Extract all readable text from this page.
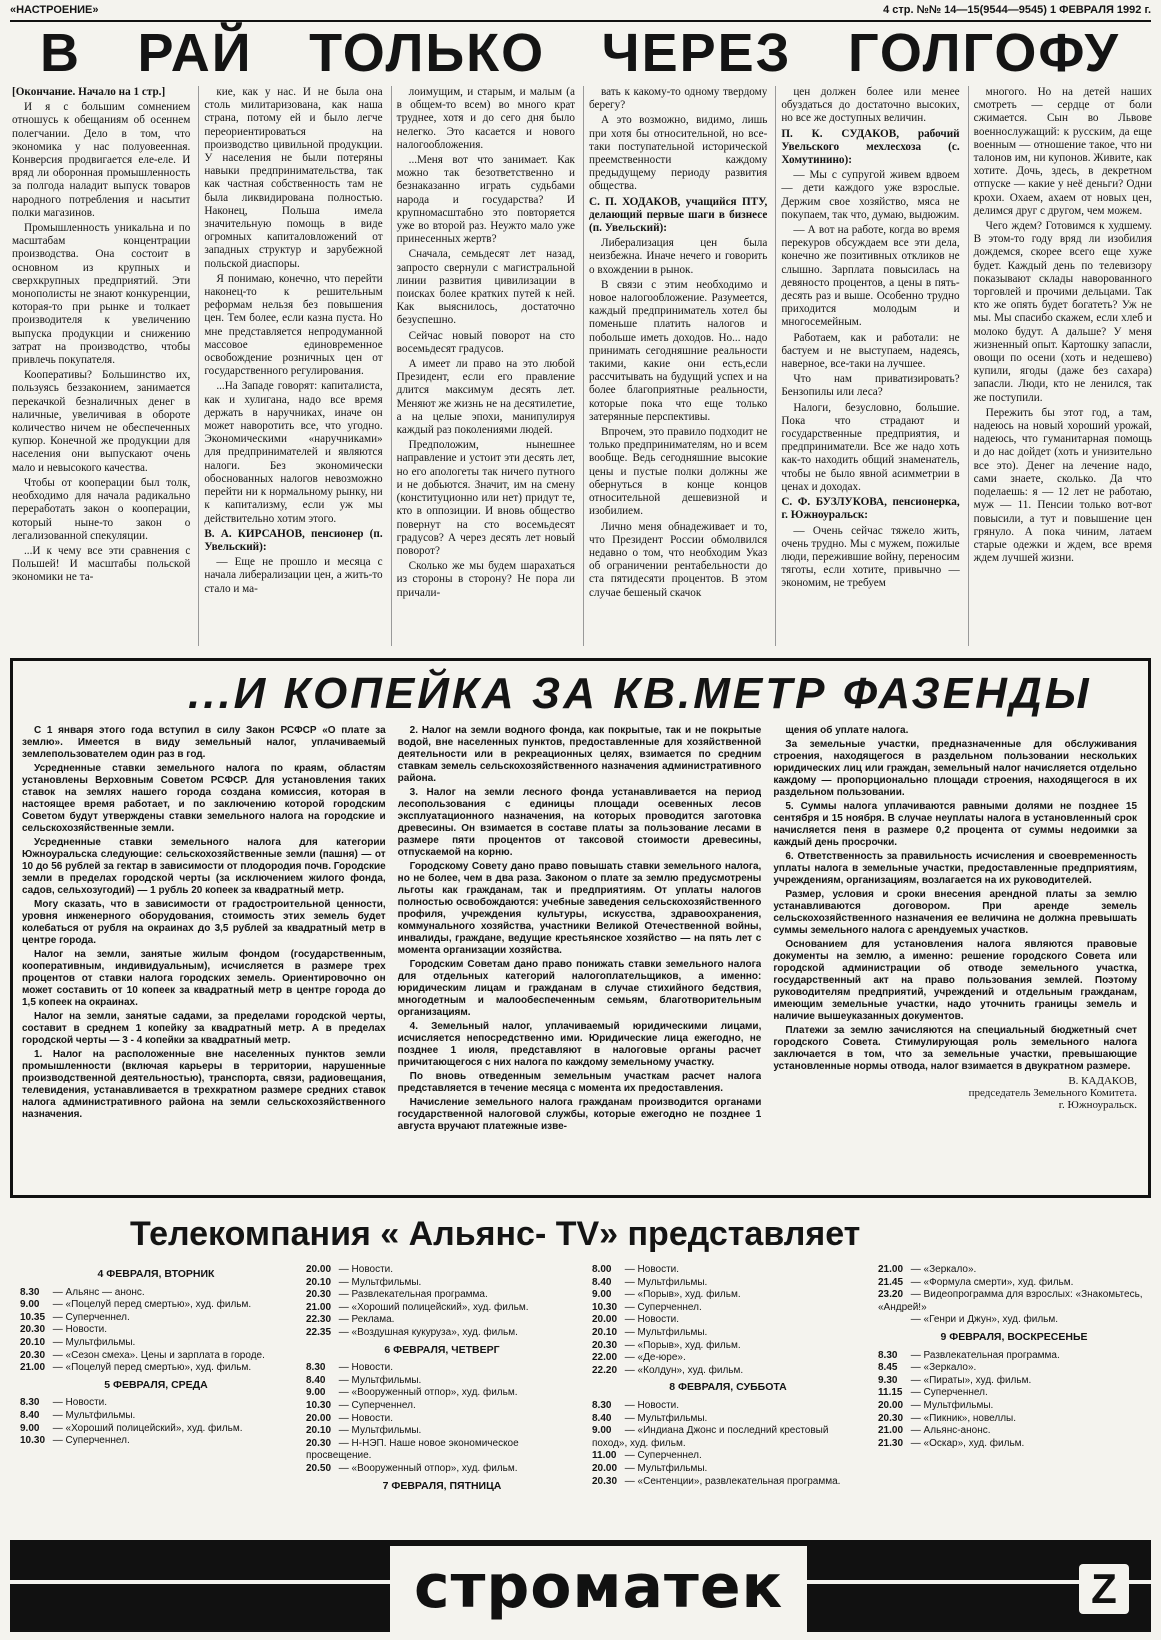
«НАСТРОЕНИЕ»	4 стр. №№ 14—15(9544—9545) 1 ФЕВРАЛЯ 1992 г.
В РАЙ ТОЛЬКО ЧЕРЕЗ ГОЛГОФУ

[Окончание. Начало на 1 стр.]

И я с большим сомнением отношусь к обещаниям об осеннем полегчании. Дело в том, что экономика у нас полуовеенная. Конверсия продвигается еле-еле. И вряд ли оборонная промышленность за полгода наладит выпуск товаров народного потребления и насытит полки магазинов.

Промышленность уникальна и по масштабам концентрации производства. Она состоит в основном из крупных и сверхкрупных предприятий. Эти монополисты не знают конкуренции, которая-то при рынке и толкает производителя к увеличению выпуска продукции и снижению затрат на производство, чтобы привлечь покупателя.

Кооперативы? Большинство их, пользуясь беззаконием, занимается перекачкой безналичных денег в наличные, увеличивая в обороте количество ничем не обеспеченных купюр. Конечной же продукции для населения они выпускают очень мало и невысокого качества.

Чтобы от кооперации был толк, необходимо для начала радикально переработать закон о кооперации, который ныне-то закон о легализованной спекуляции.

...И к чему все эти сравнения с Польшей! И масштабы польской экономики не та-

кие, как у нас. И не была она столь милитаризована, как наша страна, потому ей и было легче переориентироваться на производство цивильной продукции. У населения не были потеряны навыки предпринимательства, так как частная собственность там не была ликвидирована полностью. Наконец, Польша имела значительную помощь в виде огромных капиталовложений от западных структур и зарубежной польской диаспоры.

Я понимаю, конечно, что перейти наконец-то к решительным реформам нельзя без повышения цен. Тем более, если казна пуста. Но мне представляется непродуманной массовое единовременное освобождение розничных цен от государственного регулирования.

...На Западе говорят: капиталиста, как и хулигана, надо все время держать в наручниках, иначе он может наворотить все, что угодно. Экономическими «наручниками» для предпринимателей и являются налоги. Без экономически обоснованных налогов невозможно перейти ни к нормальному рынку, ни к капитализму, если уж мы действительно хотим этого.

В. А. КИРСАНОВ, пенсионер (п. Увельский):

— Еще не прошло и месяца с начала либерализации цен, а жить-то стало и ма-

лоимущим, и старым, и малым (а в общем-то всем) во много крат труднее, хотя и до сего дня было нелегко. Это касается и нового налогообложения.

...Меня вот что занимает. Как можно так безответственно и безнаказанно играть судьбами народа и государства? И крупномасштабно это повторяется уже во второй раз. Неужто мало уже принесенных жертв?

Сначала, семьдесят лет назад, запросто свернули с магистральной линии развития цивилизации в поисках более кратких путей к ней. Как выяснилось, достаточно безуспешно.

Сейчас новый поворот на сто восемьдесят градусов.

А имеет ли право на это любой Президент, если его правление длится максимум десять лет. Меняют же жизнь не на десятилетие, а на целые эпохи, манипулируя каждый раз поколениями людей.

Предположим, нынешнее направление и устоит эти десять лет, но его апологеты так ничего путного и не добьются. Значит, им на смену (конституционно или нет) придут те, кто в оппозиции. И вновь общество повернут на сто восемьдесят градусов? А через десять лет новый поворот?

Сколько же мы будем шарахаться из стороны в сторону? Не пора ли причали-

вать к какому-то одному твердому берегу?

А это возможно, видимо, лишь при хотя бы относительной, но все-таки поступательной исторической преемственности каждому предыдущему периоду развития общества.

С. П. ХОДАКОВ, учащийся ПТУ, делающий первые шаги в бизнесе (п. Увельский):

Либерализация цен была неизбежна. Иначе нечего и говорить о вхождении в рынок.

В связи с этим необходимо и новое налогообложение. Разумеется, каждый предприниматель хотел бы поменьше платить налогов и побольше иметь доходов. Но... надо принимать сегодняшние реальности такими, какие они есть,если рассчитывать на будущий успех и на более благоприятные реальности, которые пока что еще только затерянные перспективы.

Впрочем, это правило подходит не только предпринимателям, но и всем вообще. Ведь сегодняшние высокие цены и пустые полки должны же обернуться в конце концов относительной дешевизной и изобилием.

Лично меня обнадеживает и то, что Президент России обмолвился недавно о том, что необходим Указ об ограничении рентабельности до ста пятидесяти процентов. В этом случае бешеный скачок

цен должен более или менее обуздаться до достаточно высоких, но все же доступных величин.

П. К. СУДАКОВ, рабочий Увельского мехлесхоза (с. Хомутинино):

— Мы с супругой живем вдвоем — дети каждого уже взрослые. Держим свое хозяйство, мяса не покупаем, так что, думаю, выдюжим.

— А вот на работе, когда во время перекуров обсуждаем все эти дела, конечно же позитивных откликов не слышно. Зарплата повысилась на девяносто процентов, а цены в пять-десять раз и выше. Особенно трудно приходится молодым и многосемейным.

Работаем, как и работали: не бастуем и не выступаем, надеясь, наверное, все-таки на лучшее.

Что нам приватизировать? Бензопилы или леса?

Налоги, безусловно, большие. Пока что страдают и государственные предприятия, и предприниматели. Все же надо хоть как-то находить общий знаменатель, чтобы не было явной асимметрии в ценах и доходах.

С. Ф. БУЗЛУКОВА, пенсионерка, г. Южноуральск:

— Очень сейчас тяжело жить, очень трудно. Мы с мужем, пожилые люди, пережившие войну, переносим тяготы, если хотите, привычно — экономим, не требуем

многого. Но на детей наших смотреть — сердце от боли сжимается. Сын во Львове военнослужащий: к русским, да еще военным — отношение такое, что ни талонов им, ни купонов. Живите, как хотите. Дочь, здесь, в декретном отпуске — какие у неё деньги? Одни крохи. Охаем, ахаем от новых цен, делимся друг с другом, чем можем.

Чего ждем? Готовимся к худшему. В этом-то году вряд ли изобилия дождемся, скорее всего еще хуже будет. Каждый день по телевизору показывают склады наворованного торговлей и прочими дельцами. Так кто же опять будет богатеть? Уж не мы. Мы спасибо скажем, если хлеб и молоко будут. А дальше? У меня жизненный опыт. Картошку запасли, овощи по осени (хоть и недешево) купили, ягоды (даже без сахара) запасли. Люди, кто не ленился, так же поступили.

Пережить бы этот год, а там, надеюсь на новый хороший урожай, надеюсь, что гуманитарная помощь и до нас дойдет (хоть и унизительно все это). Денег на лечение надо, сами знаете, сколько. Да что поделаешь: я — 12 лет не работаю, муж — 11. Пенсии только вот-вот повысили, а тут и повышение цен грянуло. А пока чиним, латаем старые одежки и ждем, все время ждем лучшей жизни.

...И КОПЕЙКА ЗА КВ.МЕТР ФАЗЕНДЫ

С 1 января этого года вступил в силу Закон РСФСР «О плате за землю». Имеется в виду земельный налог, уплачиваемый землепользователем один раз в год.

Усредненные ставки земельного налога по краям, областям установлены Верховным Советом РСФСР. Для установления таких ставок на землях нашего города создана комиссия, которая в настоящее время работает, и по заключению которой городским Советом будут утверждены ставки земельного налога на городские и сельскохозяйственные земли.

Усредненные ставки земельного налога для категории Южноуральска следующие: сельскохозяйственные земли (пашня) — от 10 до 56 рублей за гектар в зависимости от плодородия почв. Городские земли в пределах городской черты (за исключением жилого фонда, садов, сельхозугодий) — 1 рубль 20 копеек за квадратный метр.

Могу сказать, что в зависимости от градостроительной ценности, уровня инженерного оборудования, стоимость этих земель будет колебаться от рубля на окраинах до 3,5 рублей за квадратный метр в центре города.

Налог на земли, занятые жилым фондом (государственным, кооперативным, индивидуальным), исчисляется в размере трех процентов от ставки налога городских земель. Ориентировочно он может составить от 10 копеек за квадратный метр в центре города до 1,5 копеек на окраинах.

Налог на земли, занятые садами, за пределами городской черты, составит в среднем 1 копейку за квадратный метр. А в пределах городской черты — 3 - 4 копейки за квадратный метр.

1. Налог на расположенные вне населенных пунктов земли промышленности (включая карьеры в территории, нарушенные производственной деятельностью), транспорта, связи, радиовещания, телевидения, устанавливается в трехкратном размере средних ставок налога административного района на земли сельскохозяйственного назначения.

2. Налог на земли водного фонда, как покрытые, так и не покрытые водой, вне населенных пунктов, предоставленные для хозяйственной деятельности или в рекреационных целях, взимается по средним ставкам земель сельскохозяйственного назначения административного района.

3. Налог на земли лесного фонда устанавливается на период лесопользования с единицы площади осевенных лесов эксплуатационного назначения, на которых проводится заготовка древесины. Он взимается в составе платы за пользование лесами в размере пяти процентов от таксовой стоимости древесины, отпускаемой на корню.

Городскому Совету дано право повышать ставки земельного налога, но не более, чем в два раза. Законом о плате за землю предусмотрены льготы как гражданам, так и предприятиям. От уплаты налогов полностью освобождаются: учебные заведения сельскохозяйственного профиля, учреждения культуры, искусства, здравоохранения, коммунального хозяйства, участники Великой Отечественной войны, инвалиды, граждане, ведущие крестьянское хозяйство — на пять лет с момента организации хозяйства.

Городским Советам дано право понижать ставки земельного налога для отдельных категорий налогоплательщиков, а именно: юридическим лицам и гражданам в случае стихийного бедствия, многодетным и малообеспеченным семьям, благотворительным организациям.

4. Земельный налог, уплачиваемый юридическими лицами, исчисляется непосредственно ими. Юридические лица ежегодно, не позднее 1 июля, представляют в налоговые органы расчет причитающегося с них налога по каждому земельному участку.

По вновь отведенным земельным участкам расчет налога представляется в течение месяца с момента их предоставления.

Начисление земельного налога гражданам производится органами государственной налоговой службы, которые ежегодно не позднее 1 августа вручают платежные изве-

щения об уплате налога.

За земельные участки, предназначенные для обслуживания строения, находящегося в раздельном пользовании нескольких юридических лиц или граждан, земельный налог начисляется отдельно каждому — пропорционально площади строения, находящегося в их раздельном пользовании.

5. Суммы налога уплачиваются равными долями не позднее 15 сентября и 15 ноября. В случае неуплаты налога в установленный срок начисляется пеня в размере 0,2 процента от суммы недоимки за каждый день просрочки.

6. Ответственность за правильность исчисления и своевременность уплаты налога в земельные участки, предоставленные предприятиям, учреждениям, организациям, возлагается на их руководителей.

Размер, условия и сроки внесения арендной платы за землю устанавливаются договором. При аренде земель сельскохозяйственного назначения ее величина не должна превышать суммы земельного налога с арендуемых участков.

Основанием для установления налога являются правовые документы на землю, а именно: решение городского Совета или городской администрации об отводе земельного участка, государственный акт на право пользования землей. Поэтому руководителям предприятий, учреждений и отдельным гражданам, имеющим земельные участки, надо уточнить границы земель и наличие вышеуказанных документов.

Платежи за землю зачисляются на специальный бюджетный счет городского Совета. Стимулирующая роль земельного налога заключается в том, что за земельные участки, превышающие установленные нормы отвода, налог взимается в двукратном размере.

В. КАДАКОВ,
председатель Земельного Комитета.
г. Южноуральск.
Телекомпания « Альянс- TV» представляет
4 ФЕВРАЛЯ, ВТОРНИК
8.30 — Альянс — анонс.
9.00 — «Поцелуй перед смертью», худ. фильм.
10.35 — Суперченнел.
20.30 — Новости.
20.10 — Мультфильмы.
20.30 — «Сезон смеха». Цены и зарплата в городе.
21.00 — «Поцелуй перед смертью», худ. фильм.
5 ФЕВРАЛЯ, СРЕДА
8.30 — Новости.
8.40 — Мультфильмы.
9.00 — «Хороший полицейский», худ. фильм.
10.30 — Суперченнел.
20.00 — Новости.
20.10 — Мультфильмы.
20.30 — Развлекательная программа.
21.00 — «Хороший полицейский», худ. фильм.
22.30 — Реклама.
22.35 — «Воздушная кукуруза», худ. фильм.
6 ФЕВРАЛЯ, ЧЕТВЕРГ
8.30 — Новости.
8.40 — Мультфильмы.
9.00 — «Вооруженный отпор», худ. фильм.
10.30 — Суперченнел.
20.00 — Новости.
20.10 — Мультфильмы.
20.30 — Н-НЭП. Наше новое экономическое просвещение.
20.50 — «Вооруженный отпор», худ. фильм.
7 ФЕВРАЛЯ, ПЯТНИЦА
8.00 — Новости.
8.40 — Мультфильмы.
9.00 — «Порыв», худ. фильм.
10.30 — Суперченнел.
20.00 — Новости.
20.10 — Мультфильмы.
20.30 — «Порыв», худ. фильм.
22.00 — «Де-юре».
22.20 — «Колдун», худ. фильм.
8 ФЕВРАЛЯ, СУББОТА
8.30 — Новости.
8.40 — Мультфильмы.
9.00 — «Индиана Джонс и последний крестовый поход», худ. фильм.
11.00 — Суперченнел.
20.00 — Мультфильмы.
20.30 — «Сентенции», развлекательная программа.
21.00 — «Зеркало».
21.45 — «Формула смерти», худ. фильм.
23.20 — Видеопрограмма для взрослых: «Знакомьтесь, «Андрей!»
— «Генри и Джун», худ. фильм.
9 ФЕВРАЛЯ, ВОСКРЕСЕНЬЕ
8.30 — Развлекательная программа.
8.45 — «Зеркало».
9.30 — «Пираты», худ. фильм.
11.15 — Суперченнел.
20.00 — Мультфильмы.
20.30 — «Пикник», новеллы.
21.00 — Альянс-анонс.
21.30 — «Оскар», худ. фильм.
строматек	Z
